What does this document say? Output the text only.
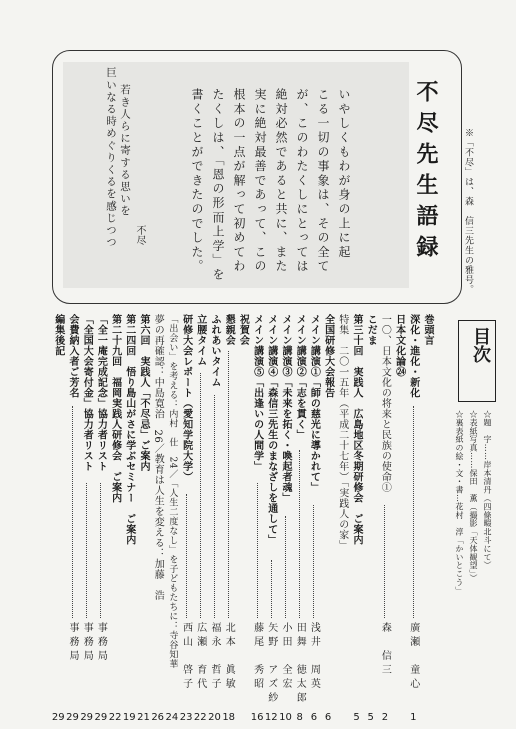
不尽先生語録
いやしくもわが身の上に起
こる一切の事象は、その全て
が、このわたくしにとっては
絶対必然であると共に、また
実に絶対最善であって、この
根本の一点が解って初めてわ
たくしは、「恩の形而上学」を
書くことができたのでした。
巨いなる時めぐりくるを感じつつ 若き人らに寄する思いを
不尽	※「不尽」は、森　信三先生の雅号。
目次
☆題　字……岸本清丹（四條畷北斗にて）
☆表紙写真……保田　薫（撮影「天体観望」）
☆裏表紙の絵・文・書…花村　淳「かいとこう」
巻頭言
深化・進化・新化
廣瀬　童心
1
日本文化論㉔
一〇、日本文化の将来と民族の使命①
森　信三
2
こだま
5
第三十回　実践人　広島地区冬期研修会　ご案内
5
特集　二〇一五年（平成二十七年）「実践人の家」
全国研修大会報告
6
メイン講演①「師の慈光に導かれて」
浅井　周英
6
メイン講演②「志を貫く」
田舞　徳太郎
8
メイン講演③「未来を拓く・喚起者魂」
小田　全宏
10
メイン講演④「森信三先生のまなざしを通して」
矢野　アズ紗
12
メイン講演⑤「出逢いの人間学」
藤尾　秀昭
16
祝賀会
懇親会
北本　眞敏
18
ふれあいタイム
福永　哲子
20
立腰タイム
広瀬　育代
22
研修大会レポート（愛知学院大学）
西山　啓子
23
「出会い」を考える：内村　仕　24／「人生二度なし」を子どもたちに：寺谷知華
24
夢の再確認：中島寛治　26／教育は人生を変える：加藤　浩
26
第六回　実践人「不尽忌」ご案内
21
第二四回　悟り島山がさに学ぶセミナー　ご案内
19
第二十九回　福岡実践人研修会　ご案内
22
「全一庵完成記念」協力者リスト
事務局
29
「全国大会寄付金」協力者リスト
事務局
29
会費納入者ご芳名
事務局
29
編集後記
29
